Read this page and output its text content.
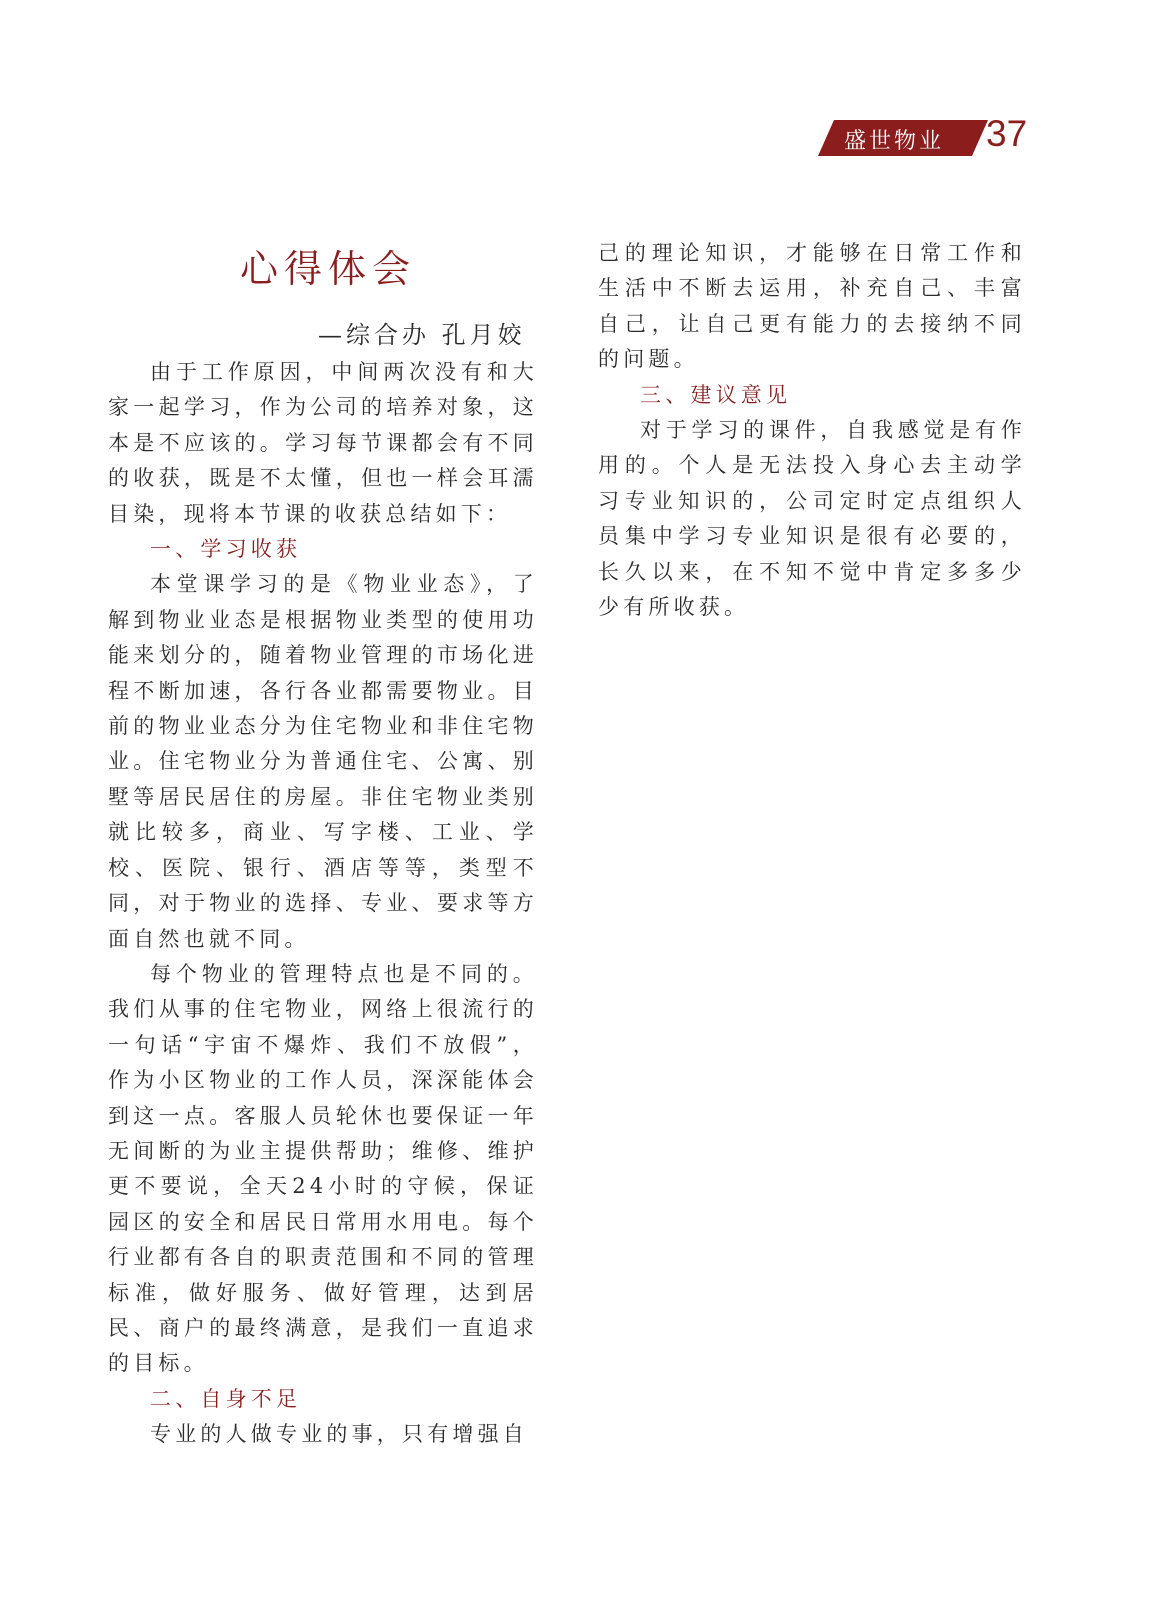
盛世物业 37
心得体会
—综合办 孔月姣

由于工作原因，中间两次没有和大家一起学习，作为公司的培养对象，这本是不应该的。学习每节课都会有不同的收获，既是不太懂，但也一样会耳濡目染，现将本节课的收获总结如下：

一、学习收获

本堂课学习的是《物业业态》，了解到物业业态是根据物业类型的使用功能来划分的，随着物业管理的市场化进程不断加速，各行各业都需要物业。目前的物业业态分为住宅物业和非住宅物业。住宅物业分为普通住宅、公寓、别墅等居民居住的房屋。非住宅物业类别就比较多，商业、写字楼、工业、学校、医院、银行、酒店等等，类型不同，对于物业的选择、专业、要求等方面自然也就不同。

每个物业的管理特点也是不同的。我们从事的住宅物业，网络上很流行的一句话“宇宙不爆炸、我们不放假”，作为小区物业的工作人员，深深能体会到这一点。客服人员轮休也要保证一年无间断的为业主提供帮助；维修、维护更不要说，全天24小时的守候，保证园区的安全和居民日常用水用电。每个行业都有各自的职责范围和不同的管理标准，做好服务、做好管理，达到居民、商户的最终满意，是我们一直追求的目标。

二、自身不足

专业的人做专业的事，只有增强自

己的理论知识，才能够在日常工作和生活中不断去运用，补充自己、丰富自己，让自己更有能力的去接纳不同的问题。

三、建议意见

对于学习的课件，自我感觉是有作用的。个人是无法投入身心去主动学习专业知识的，公司定时定点组织人员集中学习专业知识是很有必要的，长久以来，在不知不觉中肯定多多少少有所收获。
